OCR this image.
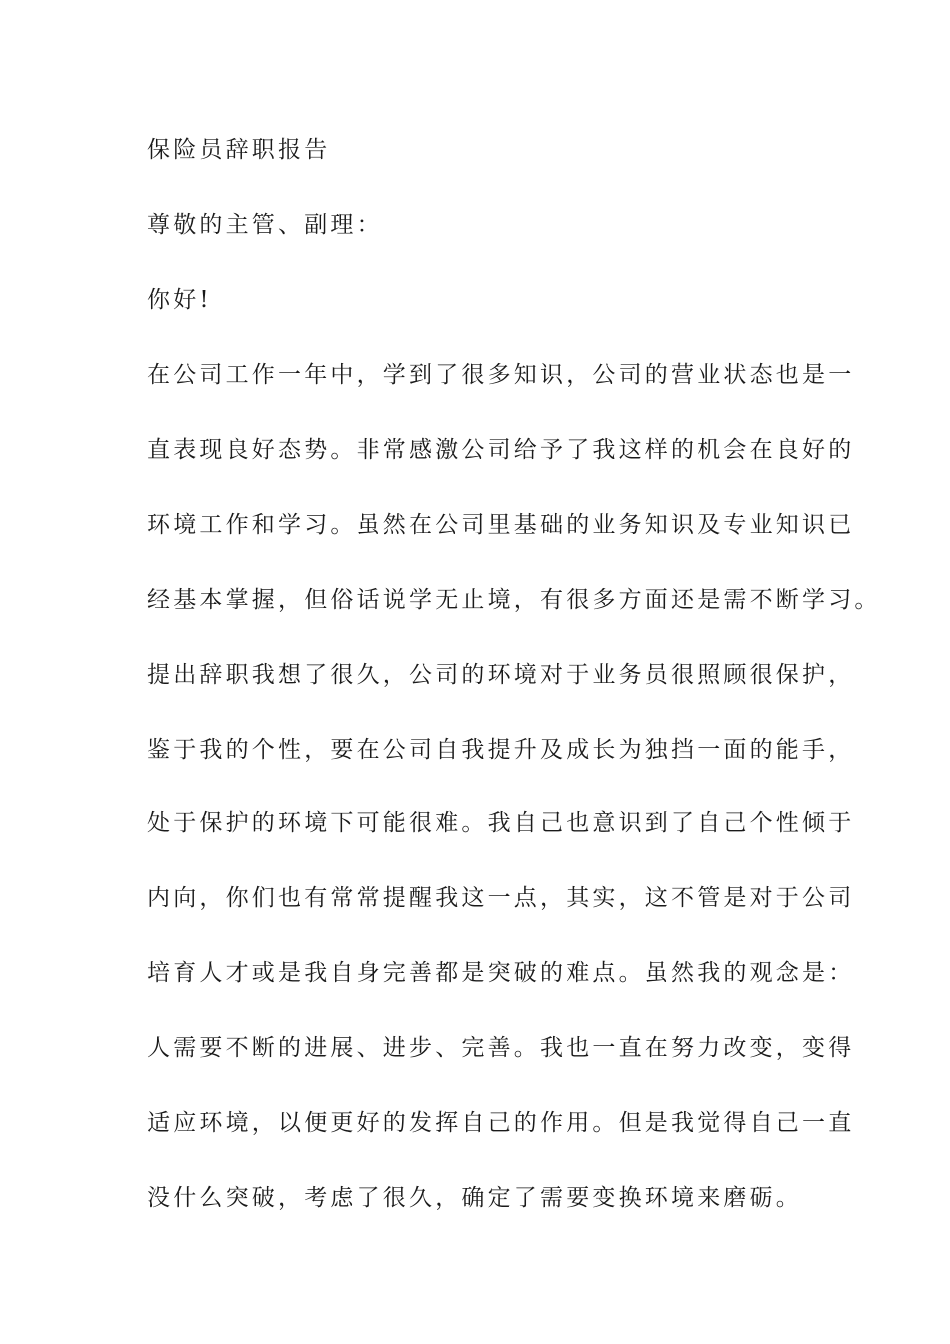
保险员辞职报告
尊敬的主管、副理：
你好!
在公司工作一年中，学到了很多知识，公司的营业状态也是一
直表现良好态势。非常感激公司给予了我这样的机会在良好的
环境工作和学习。虽然在公司里基础的业务知识及专业知识已
经基本掌握，但俗话说学无止境，有很多方面还是需不断学习。
提出辞职我想了很久，公司的环境对于业务员很照顾很保护，
鉴于我的个性，要在公司自我提升及成长为独挡一面的能手，
处于保护的环境下可能很难。我自己也意识到了自己个性倾于
内向，你们也有常常提醒我这一点，其实，这不管是对于公司
培育人才或是我自身完善都是突破的难点。虽然我的观念是：
人需要不断的进展、进步、完善。我也一直在努力改变，变得
适应环境，以便更好的发挥自己的作用。但是我觉得自己一直
没什么突破，考虑了很久，确定了需要变换环境来磨砺。
